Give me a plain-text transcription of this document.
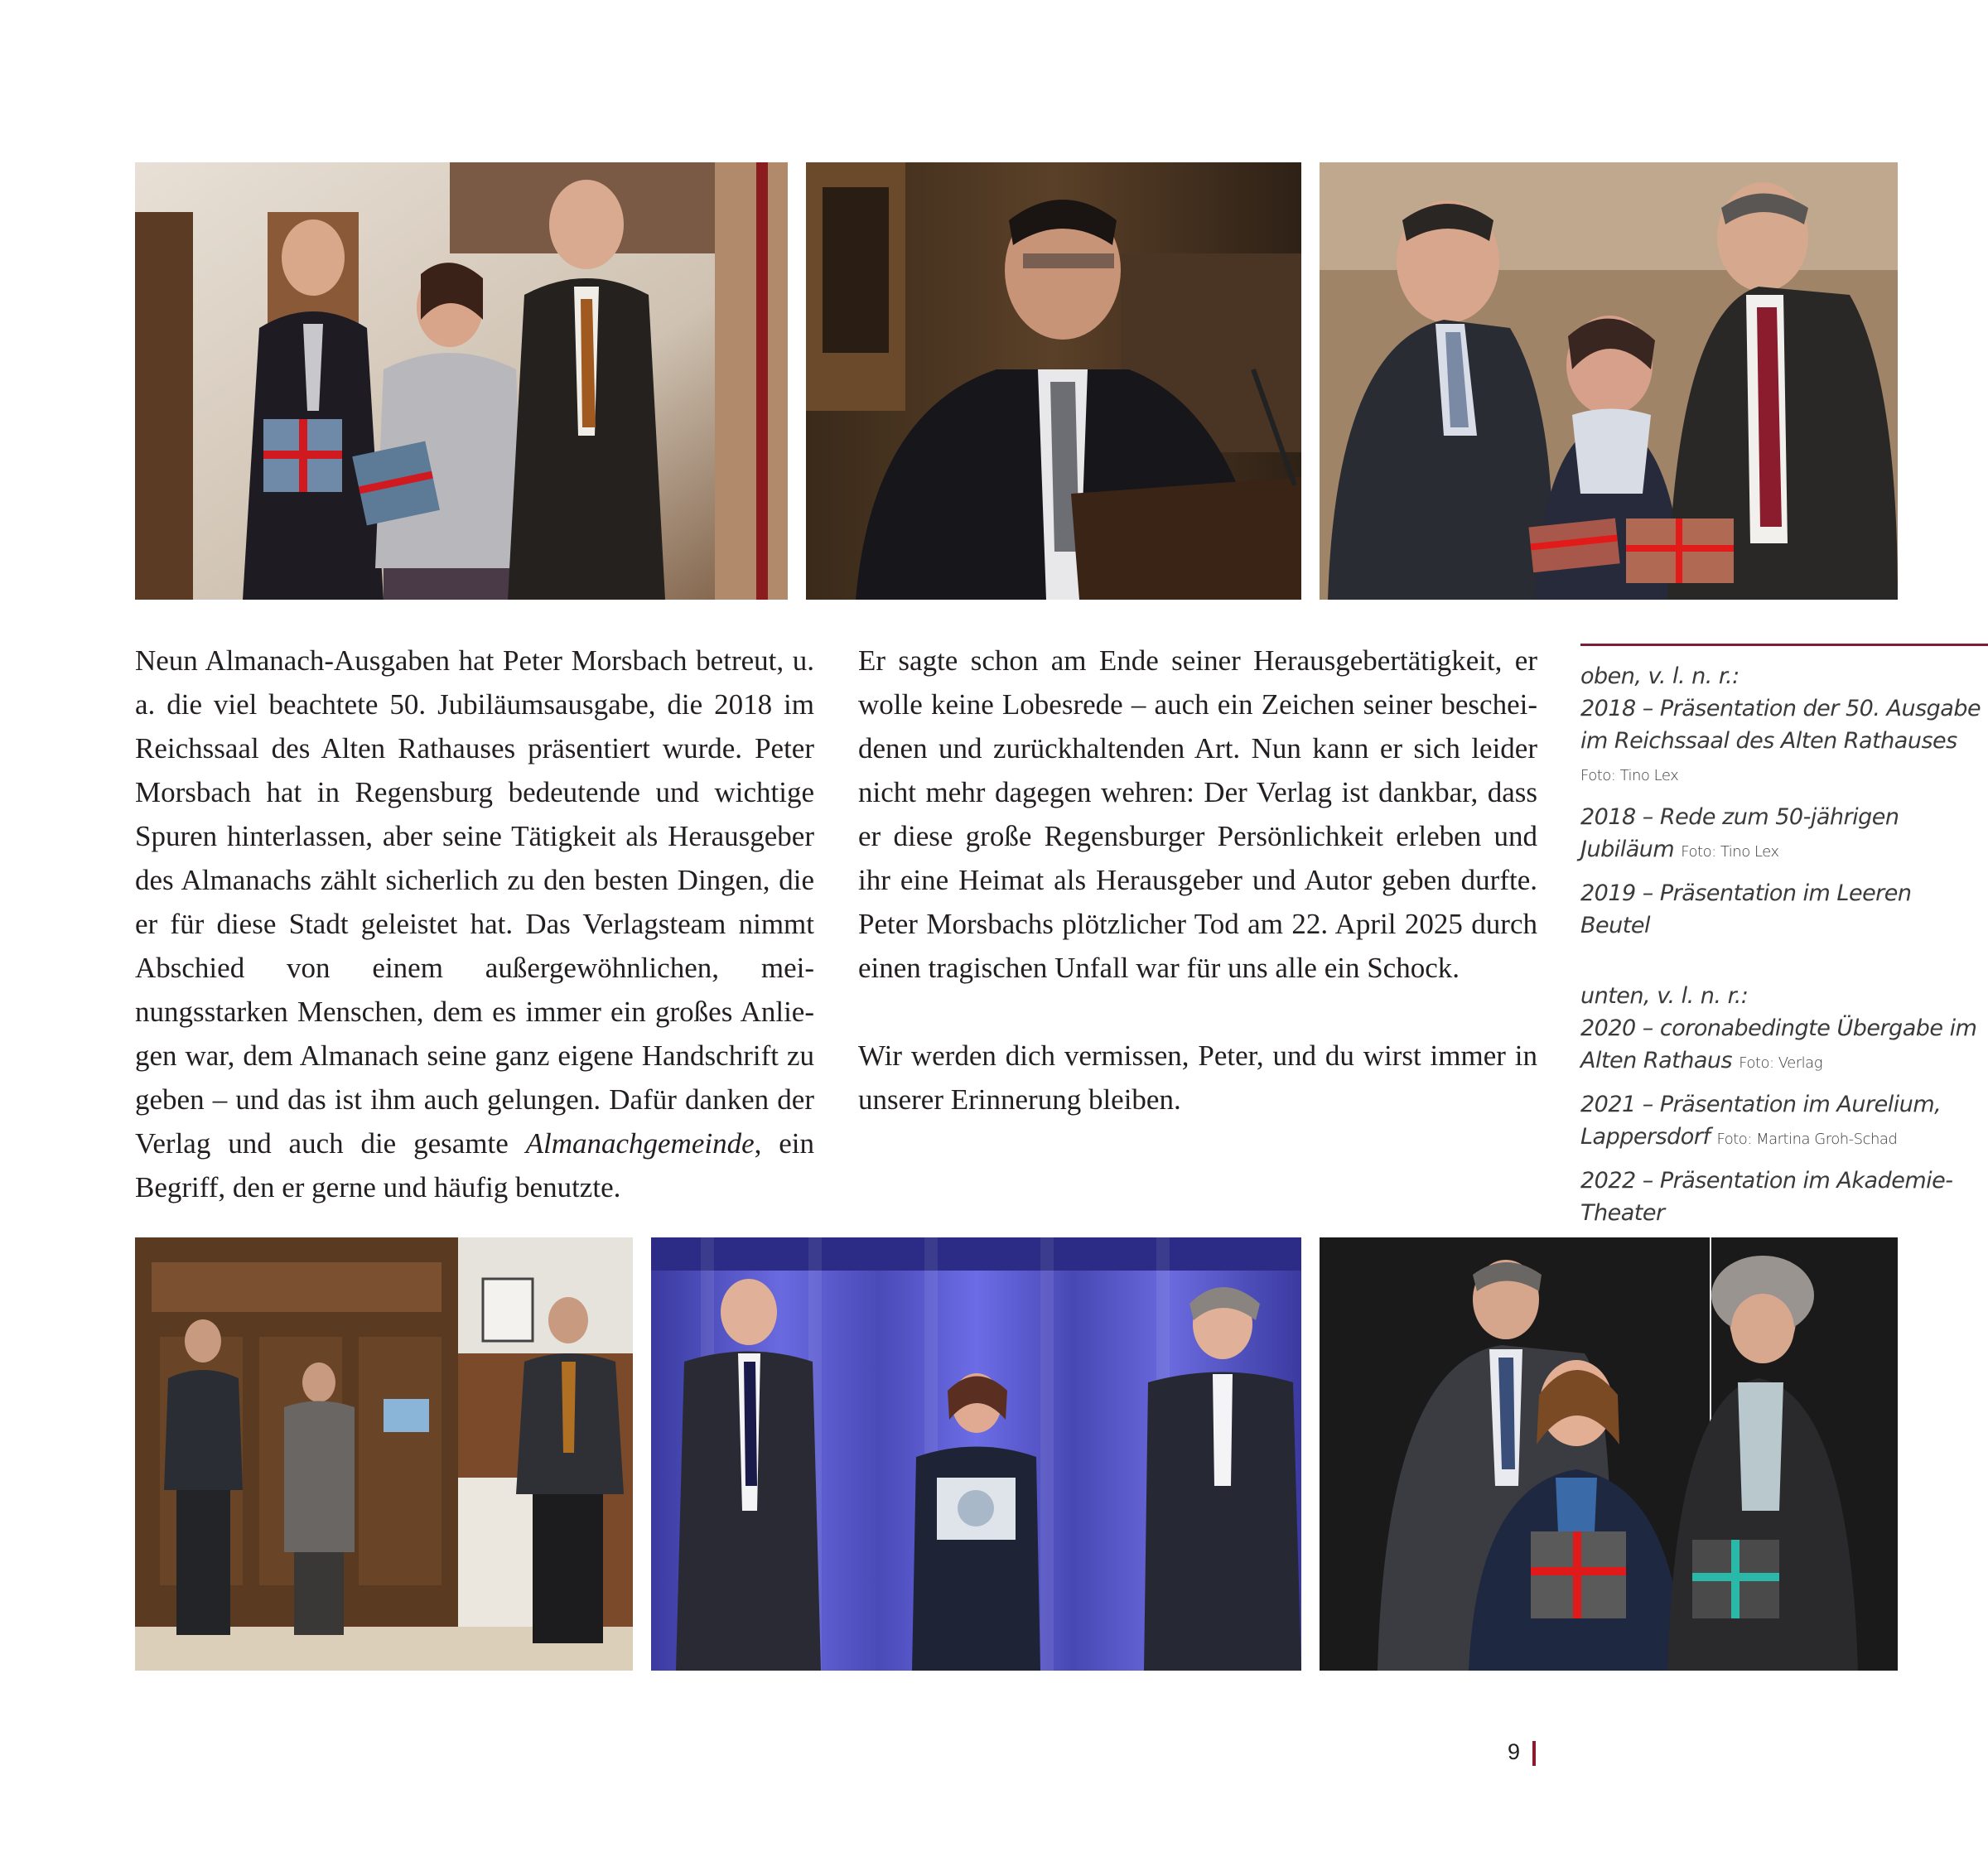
Neun Almanach-Ausgaben hat Peter Morsbach betreut, u. a. die viel beachtete 50. Jubiläumsausgabe, die 2018 im Reichssaal des Alten Rathauses präsentiert wurde. Peter Morsbach hat in Regensburg bedeutende und wichtige Spuren hinterlassen, aber seine Tätigkeit als Herausgeber des Almanachs zählt sicherlich zu den besten Dingen, die er für diese Stadt geleistet hat. Das Verlagsteam nimmt Abschied von einem außergewöhnlichen, meinungsstarken Menschen, dem es immer ein großes Anliegen war, dem Almanach seine ganz eigene Handschrift zu geben – und das ist ihm auch gelungen. Dafür danken der Verlag und auch die gesamte Almanachgemeinde, ein Begriff, den er gerne und häufig benutzte.

Er sagte schon am Ende seiner Herausgebertätigkeit, er wolle keine Lobesrede – auch ein Zeichen seiner bescheidenen und zurückhaltenden Art. Nun kann er sich leider nicht mehr dagegen wehren: Der Verlag ist dankbar, dass er diese große Regensburger Persönlichkeit erleben und ihr eine Heimat als Herausgeber und Autor geben durfte. Peter Morsbachs plötzlicher Tod am 22. April 2025 durch einen tragischen Unfall war für uns alle ein Schock.

Wir werden dich vermissen, Peter, und du wirst immer in unserer Erinnerung bleiben.

oben, v. l. n. r.:
2018 – Präsentation der 50. Ausgabe im Reichssaal des Alten Rathauses Foto: Tino Lex
2018 – Rede zum 50-jährigen Jubiläum Foto: Tino Lex
2019 – Präsentation im Leeren Beutel
unten, v. l. n. r.:
2020 – coronabedingte Übergabe im Alten Rathaus Foto: Verlag
2021 – Präsentation im Aurelium, Lappersdorf Foto: Martina Groh-Schad
2022 – Präsentation im Akademie-Theater
9
